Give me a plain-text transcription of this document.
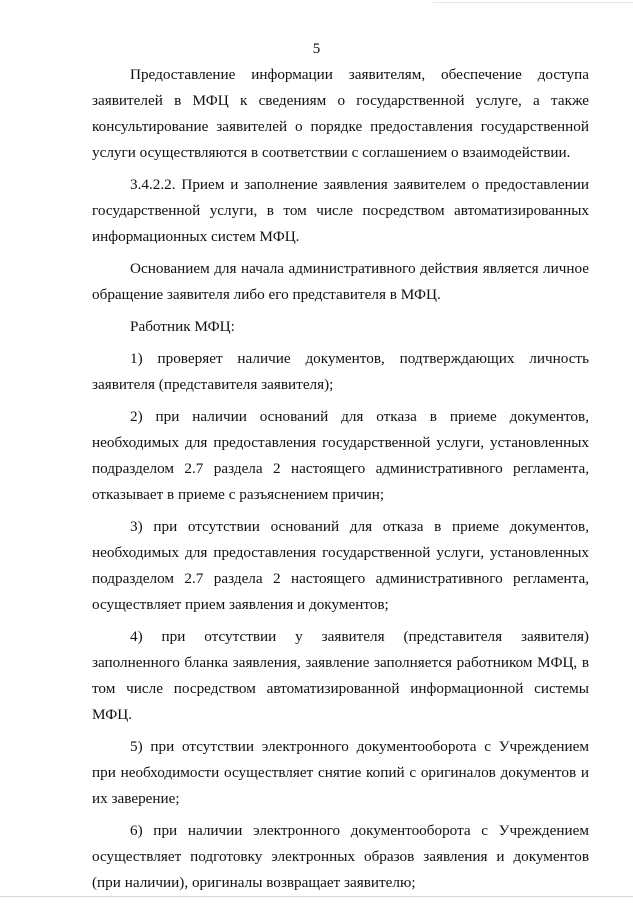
5

Предоставление информации заявителям, обеспечение доступа заявителей в МФЦ к сведениям о государственной услуге, а также консультирование заявителей о порядке предоставления государственной услуги осуществляются в соответствии с соглашением о взаимодействии.

3.4.2.2. Прием и заполнение заявления заявителем о предоставлении государственной услуги, в том числе посредством автоматизированных информационных систем МФЦ.

Основанием для начала административного действия является личное обращение заявителя либо его представителя в МФЦ.

Работник МФЦ:

1) проверяет наличие документов, подтверждающих личность заявителя (представителя заявителя);

2) при наличии оснований для отказа в приеме документов, необходимых для предоставления государственной услуги, установленных подразделом 2.7 раздела 2 настоящего административного регламента, отказывает в приеме с разъяснением причин;

3) при отсутствии оснований для отказа в приеме документов, необходимых для предоставления государственной услуги, установленных подразделом 2.7 раздела 2 настоящего административного регламента, осуществляет прием заявления и документов;

4) при отсутствии у заявителя (представителя заявителя) заполненного бланка заявления, заявление заполняется работником МФЦ, в том числе посредством автоматизированной информационной системы МФЦ.

5) при отсутствии электронного документооборота с Учреждением при необходимости осуществляет снятие копий с оригиналов документов и их заверение;

6) при наличии электронного документооборота с Учреждением осуществляет подготовку электронных образов заявления и документов (при наличии), оригиналы возвращает заявителю;
